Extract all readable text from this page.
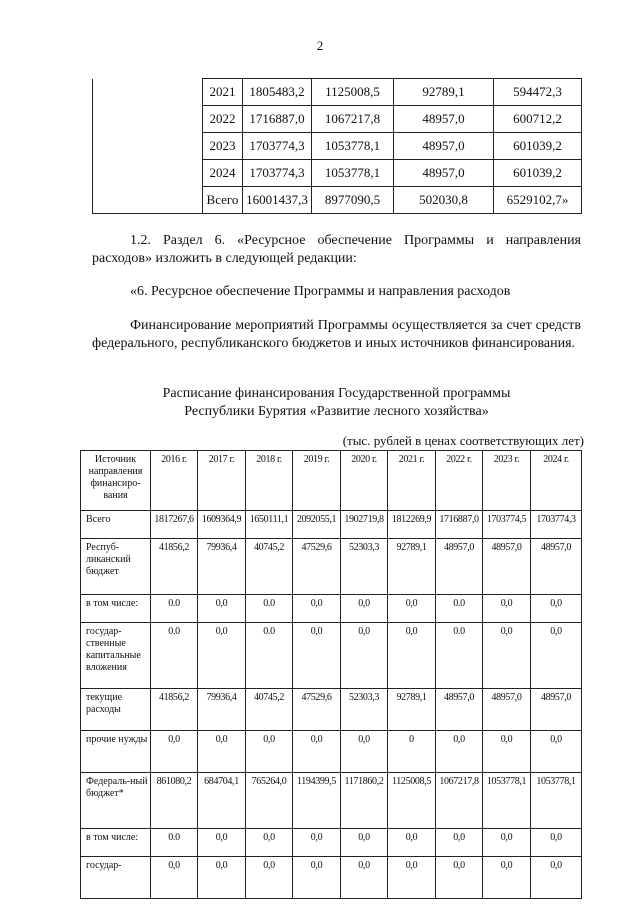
2
	2021	1805483,2	1125008,5	92789,1	594472,3
	2022	1716887,0	1067217,8	48957,0	600712,2
	2023	1703774,3	1053778,1	48957,0	601039,2
	2024	1703774,3	1053778,1	48957,0	601039,2
	Всего	16001437,3	8977090,5	502030,8	6529102,7»
1.2. Раздел 6. «Ресурсное обеспечение Программы и направления расходов» изложить в следующей редакции:
«6. Ресурсное обеспечение Программы и направления расходов
Финансирование мероприятий Программы осуществляется за счет средств федерального, республиканского бюджетов и иных источников финансирования.
Расписание финансирования Государственной программы
Республики Бурятия «Развитие лесного хозяйства»
(тыс. рублей в ценах соответствующих лет)
Источник направления финансиро-вания	2016 г.	2017 г.	2018 г.	2019 г.	2020 г.	2021 г.	2022 г.	2023 г.	2024 г.
Всего	1817267,6	1609364,9	1650111,1	2092055,1	1902719,8	1812269,9	1716887,0	1703774,5	1703774,3
Респуб-ликанский бюджет	41856,2	79936,4	40745,2	47529,6	52303,3	92789,1	48957,0	48957,0	48957,0
в том числе:	0.0	0,0	0.0	0,0	0,0	0,0	0.0	0,0	0,0
государ-ственные капитальные вложения	0.0	0,0	0.0	0,0	0,0	0,0	0.0	0,0	0,0
текущие расходы	41856,2	79936,4	40745,2	47529,6	52303,3	92789,1	48957,0	48957,0	48957,0
прочие нужды	0,0	0,0	0,0	0,0	0,0	0	0,0	0,0	0,0
Федераль-ный бюджет*	861080,2	684704,1	765264,0	1194399,5	1171860,2	1125008,5	1067217,8	1053778,1	1053778,1
в том числе:	0.0	0,0	0,0	0,0	0,0	0,0	0,0	0,0	0,0
государ-	0,0	0,0	0,0	0,0	0,0	0,0	0,0	0,0	0,0
